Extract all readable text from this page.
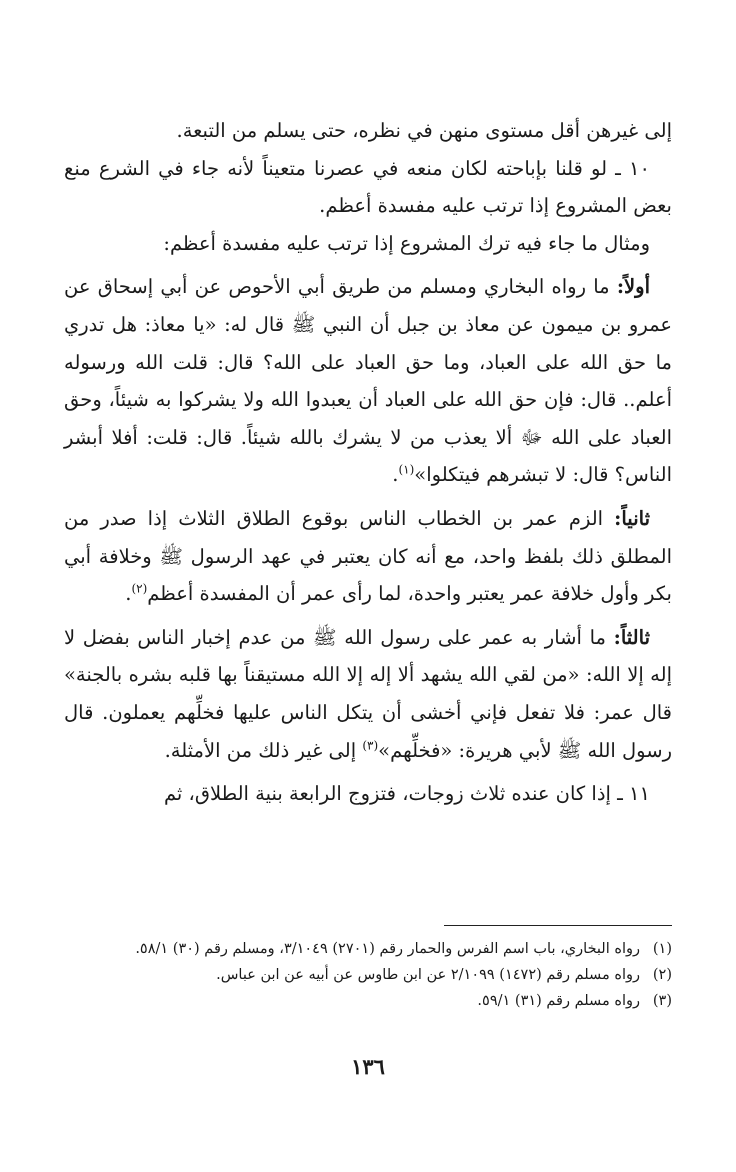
إلى غيرهن أقل مستوى منهن في نظره، حتى يسلم من التبعة.

١٠ ـ لو قلنا بإباحته لكان منعه في عصرنا متعيناً لأنه جاء في الشرع منع بعض المشروع إذا ترتب عليه مفسدة أعظم.

ومثال ما جاء فيه ترك المشروع إذا ترتب عليه مفسدة أعظم:

أولاً: ما رواه البخاري ومسلم من طريق أبي الأحوص عن أبي إسحاق عن عمرو بن ميمون عن معاذ بن جبل أن النبي ﷺ قال له: «يا معاذ: هل تدري ما حق الله على العباد، وما حق العباد على الله؟ قال: قلت الله ورسوله أعلم.. قال: فإن حق الله على العباد أن يعبدوا الله ولا يشركوا به شيئاً، وحق العباد على الله ﷻ ألا يعذب من لا يشرك بالله شيئاً. قال: قلت: أفلا أبشر الناس؟ قال: لا تبشرهم فيتكلوا»$^{(١)}$.

ثانياً: الزم عمر بن الخطاب الناس بوقوع الطلاق الثلاث إذا صدر من المطلق ذلك بلفظ واحد، مع أنه كان يعتبر في عهد الرسول ﷺ وخلافة أبي بكر وأول خلافة عمر يعتبر واحدة، لما رأى عمر أن المفسدة أعظم$^{(٢)}$.

ثالثاً: ما أشار به عمر على رسول الله ﷺ من عدم إخبار الناس بفضل لا إله إلا الله: «من لقي الله يشهد ألا إله إلا الله مستيقناً بها قلبه بشره بالجنة» قال عمر: فلا تفعل فإني أخشى أن يتكل الناس عليها فخلِّهم يعملون. قال رسول الله ﷺ لأبي هريرة: «فخلِّهم»$^{(٣)}$ إلى غير ذلك من الأمثلة.

١١ ـ إذا كان عنده ثلاث زوجات، فتزوج الرابعة بنية الطلاق، ثم

(١)
رواه البخاري، باب اسم الفرس والحمار رقم (٢٧٠١) ٣/١٠٤٩، ومسلم رقم (٣٠) ٥٨/١.
(٢)
رواه مسلم رقم (١٤٧٢) ٢/١٠٩٩ عن ابن طاوس عن أبيه عن ابن عباس.
(٣)
رواه مسلم رقم (٣١) ٥٩/١.
١٣٦
